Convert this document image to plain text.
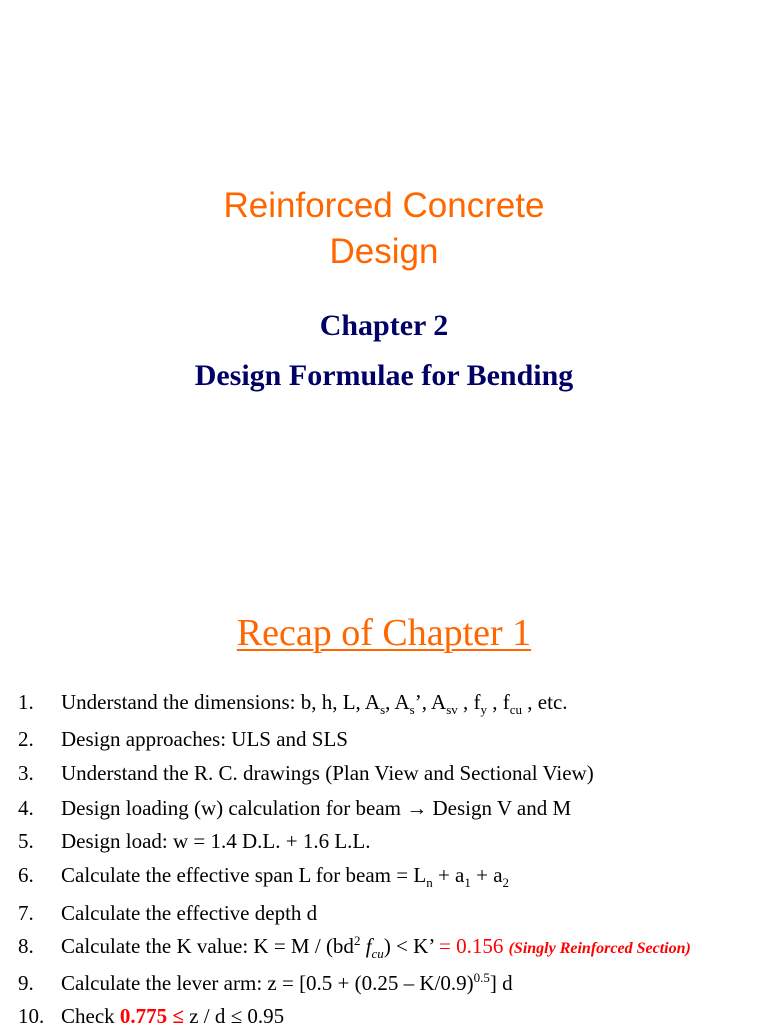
Reinforced Concrete
Design
Chapter 2
Design Formulae for Bending
Recap of Chapter 1
1. Understand the dimensions: b, h, L, $A_s$, $A_s$’, $A_{sv}$ , $f_y$ , $f_{cu}$ , etc.
2. Design approaches: ULS and SLS
3. Understand the R. C. drawings (Plan View and Sectional View)
4. Design loading (w) calculation for beam → Design V and M
5. Design load: w = 1.4 D.L. + 1.6 L.L.
6. Calculate the effective span L for beam = $L_n + a_1 + a_2$
7. Calculate the effective depth d
8. Calculate the K value: $K = M / (bd^2$ $f_{cu}) < K$’ = 0.156 (Singly Reinforced Section)
9. Calculate the lever arm: z = [0.5 + (0.25 – K/0.9)$^{0.5}$] d
10. Check 0.775 ≤ z / d ≤ 0.95
